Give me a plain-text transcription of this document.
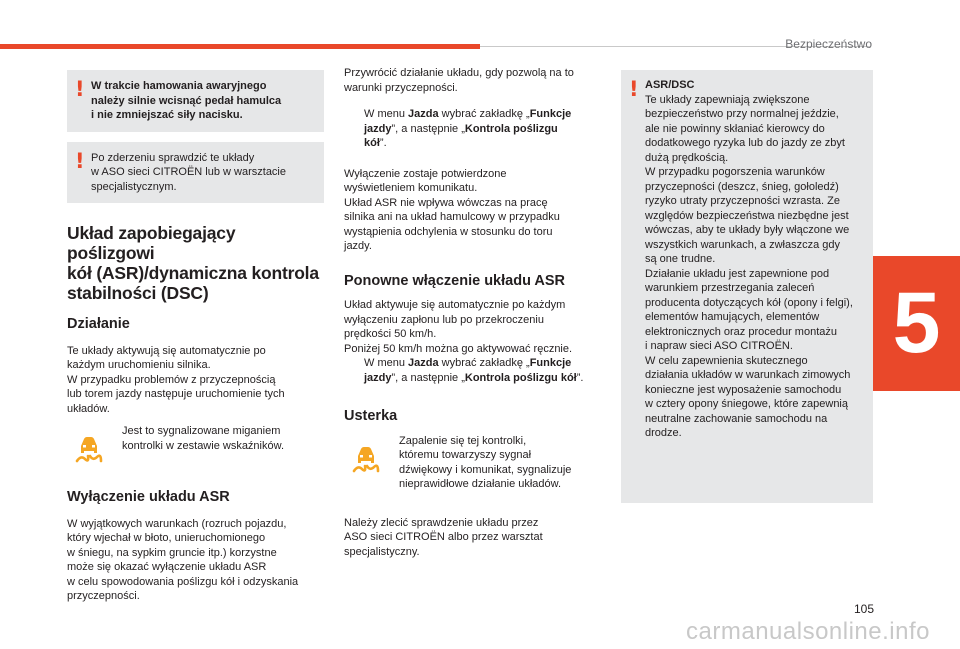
Bezpieczeństwo
5
105
! W trakcie hamowania awaryjnego

należy silnie wcisnąć pedał hamulca

i nie zmniejszać siły nacisku.

! Po zderzeniu sprawdzić te układy

w ASO sieci CITROËN lub w warsztacie

specjalistycznym.

Układ zapobiegający poślizgowi
kół (ASR)/dynamiczna kontrola
stabilności (DSC)
Działanie

Te układy aktywują się automatycznie po

każdym uruchomieniu silnika.

W przypadku problemów z przyczepnością

lub torem jazdy następuje uruchomienie tych

układów.

Jest to sygnalizowane miganiem

kontrolki w zestawie wskaźników.

Wyłączenie układu ASR

W wyjątkowych warunkach (rozruch pojazdu,

który wjechał w błoto, unieruchomionego

w śniegu, na sypkim gruncie itp.) korzystne

może się okazać wyłączenie układu ASR

w celu spowodowania poślizgu kół i odzyskania

przyczepności.

Przywrócić działanie układu, gdy pozwolą na to

warunki przyczepności.

W menu Jazda wybrać zakładkę „Funkcje

jazdy”, a następnie „Kontrola poślizgu

kół”.

Wyłączenie zostaje potwierdzone

wyświetleniem komunikatu.

Układ ASR nie wpływa wówczas na pracę

silnika ani na układ hamulcowy w przypadku

wystąpienia odchylenia w stosunku do toru

jazdy.

Ponowne włączenie układu ASR

Układ aktywuje się automatycznie po każdym

wyłączeniu zapłonu lub po przekroczeniu

prędkości 50 km/h.

Poniżej 50 km/h można go aktywować ręcznie.

W menu Jazda wybrać zakładkę „Funkcje

jazdy”, a następnie „Kontrola poślizgu kół”.

Usterka

Zapalenie się tej kontrolki,

któremu towarzyszy sygnał

dźwiękowy i komunikat, sygnalizuje

nieprawidłowe działanie układów.

Należy zlecić sprawdzenie układu przez

ASO sieci CITROËN albo przez warsztat

specjalistyczny.

! ASR/DSC

Te układy zapewniają zwiększone

bezpieczeństwo przy normalnej jeździe,

ale nie powinny skłaniać kierowcy do

dodatkowego ryzyka lub do jazdy ze zbyt

dużą prędkością.

W przypadku pogorszenia warunków

przyczepności (deszcz, śnieg, gołoledź)

ryzyko utraty przyczepności wzrasta. Ze

względów bezpieczeństwa niezbędne jest

wówczas, aby te układy były włączone we

wszystkich warunkach, a zwłaszcza gdy

są one trudne.

Działanie układu jest zapewnione pod

warunkiem przestrzegania zaleceń

producenta dotyczących kół (opony i felgi),

elementów hamujących, elementów

elektronicznych oraz procedur montażu

i napraw sieci ASO CITROËN.

W celu zapewnienia skutecznego

działania układów w warunkach zimowych

konieczne jest wyposażenie samochodu

w cztery opony śniegowe, które zapewnią

neutralne zachowanie samochodu na

drodze.

carmanualsonline.info
